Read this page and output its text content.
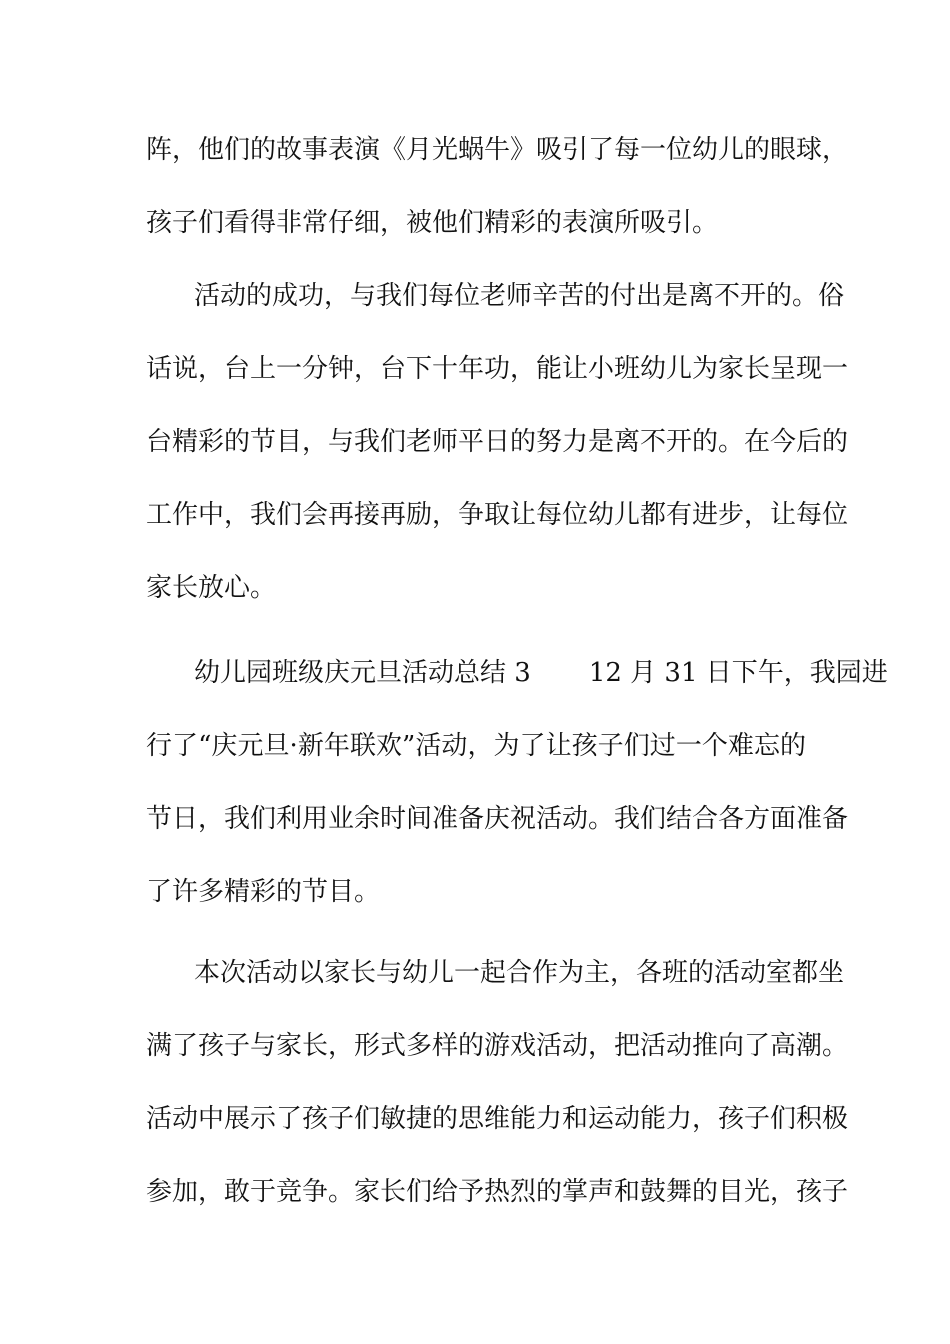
阵，他们的故事表演《月光蜗牛》吸引了每一位幼儿的眼球，
孩子们看得非常仔细，被他们精彩的表演所吸引。
活动的成功，与我们每位老师辛苦的付出是离不开的。俗
话说，台上一分钟，台下十年功，能让小班幼儿为家长呈现一
台精彩的节目，与我们老师平日的努力是离不开的。在今后的
工作中，我们会再接再励，争取让每位幼儿都有进步，让每位
家长放心。
幼儿园班级庆元旦活动总结 3 12 月 31 日下午，我园进
行了“庆元旦·新年联欢”活动，为了让孩子们过一个难忘的
节日，我们利用业余时间准备庆祝活动。我们结合各方面准备
了许多精彩的节目。
本次活动以家长与幼儿一起合作为主，各班的活动室都坐
满了孩子与家长，形式多样的游戏活动，把活动推向了高潮。
活动中展示了孩子们敏捷的思维能力和运动能力，孩子们积极
参加，敢于竞争。家长们给予热烈的掌声和鼓舞的目光，孩子
